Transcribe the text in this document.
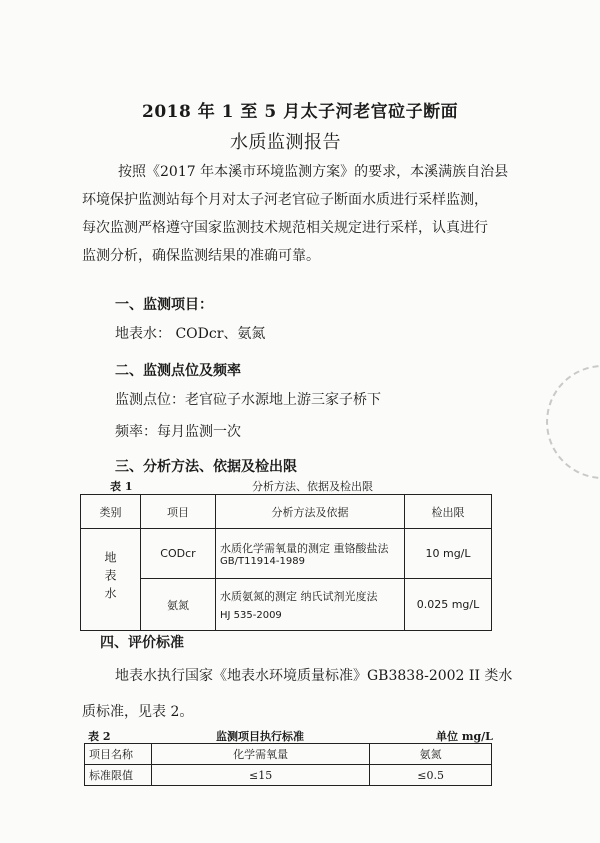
2018 年 1 至 5 月太子河老官砬子断面
水质监测报告
按照《2017 年本溪市环境监测方案》的要求，本溪满族自治县
环境保护监测站每个月对太子河老官砬子断面水质进行采样监测，
每次监测严格遵守国家监测技术规范相关规定进行采样，认真进行
监测分析，确保监测结果的准确可靠。
一、监测项目：
地表水： CODcr、氨氮
二、监测点位及频率
监测点位：老官砬子水源地上游三家子桥下
频率：每月监测一次
三、分析方法、依据及检出限
表 1	分析方法、依据及检出限
类别	项目	分析方法及依据	检出限
地表水	CODcr	水质化学需氧量的测定 重铬酸盐法
GB/T11914-1989	10 mg/L
	氨氮	水质氨氮的测定 纳氏试剂光度法
HJ 535-2009	0.025 mg/L
四、评价标准
地表水执行国家《地表水环境质量标准》GB3838-2002 II 类水
质标准，见表 2。
表 2	监测项目执行标准	单位 mg/L
项目名称	化学需氧量	氨氮
标准限值	≤15	≤0.5
